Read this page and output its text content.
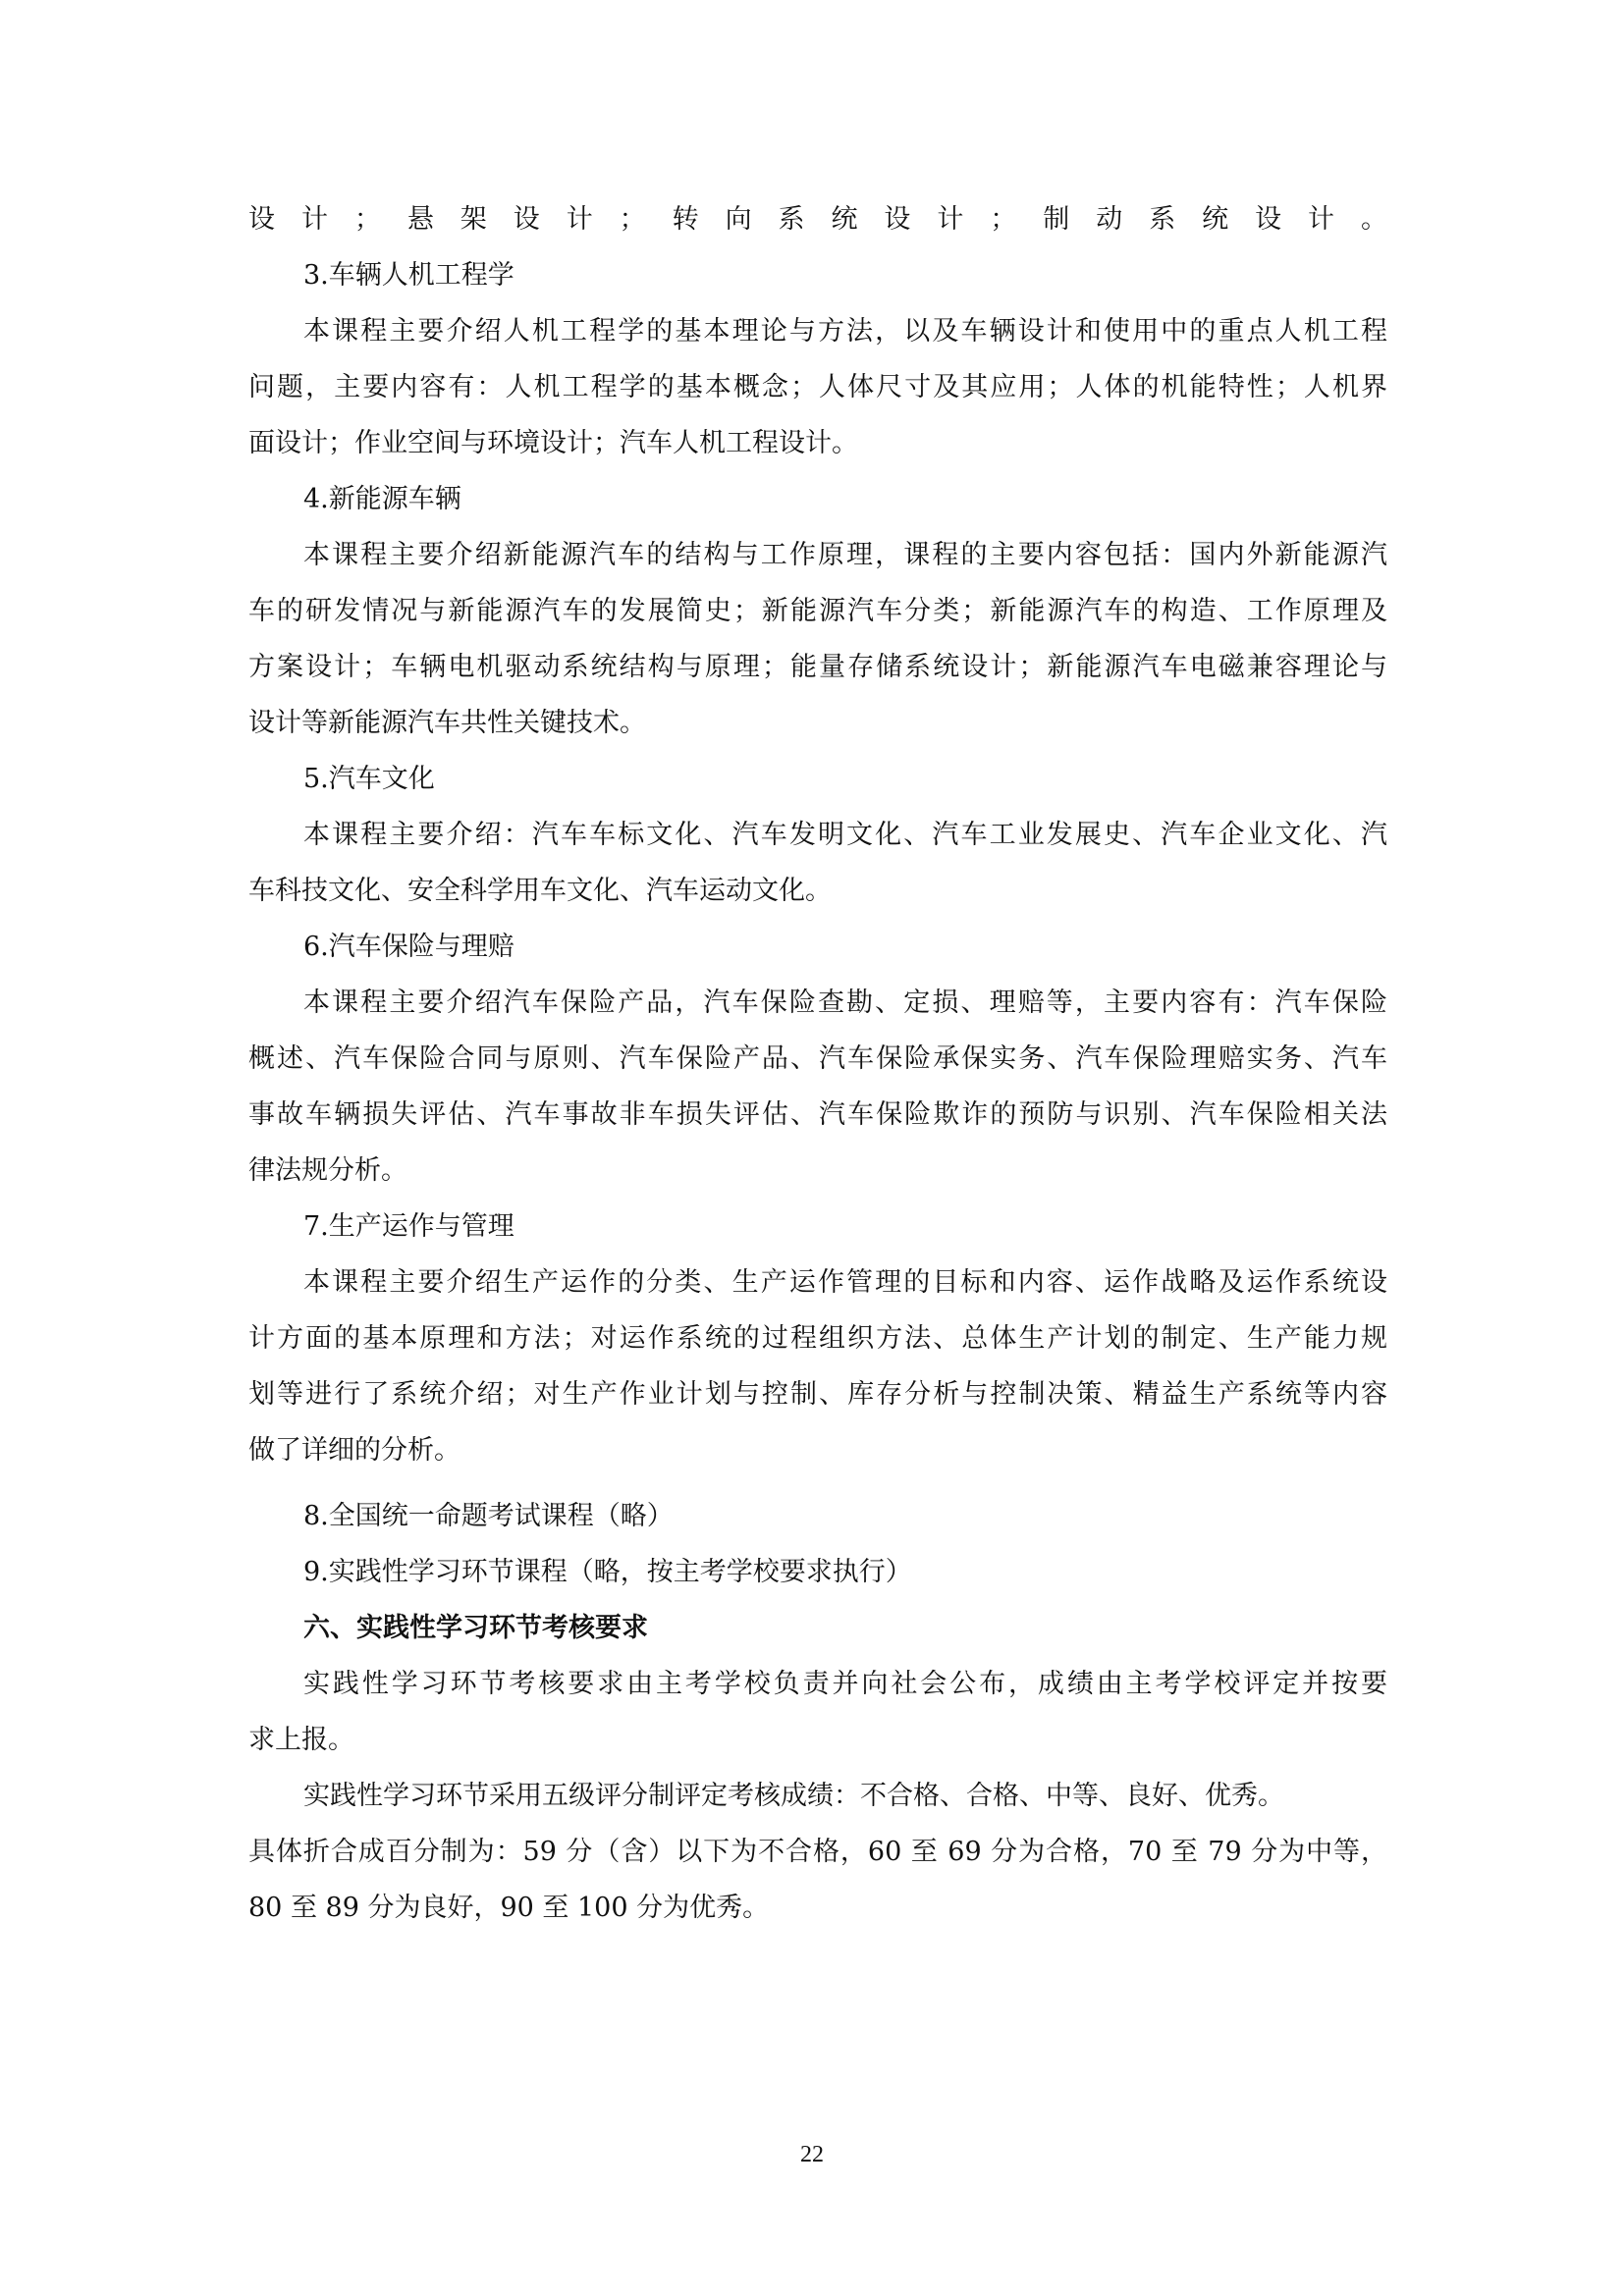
设计；悬架设计；转向系统设计；制动系统设计。

3.车辆人机工程学

本课程主要介绍人机工程学的基本理论与方法，以及车辆设计和使用中的重点人机工程

问题，主要内容有：人机工程学的基本概念；人体尺寸及其应用；人体的机能特性；人机界

面设计；作业空间与环境设计；汽车人机工程设计。

4.新能源车辆

本课程主要介绍新能源汽车的结构与工作原理，课程的主要内容包括：国内外新能源汽

车的研发情况与新能源汽车的发展简史；新能源汽车分类；新能源汽车的构造、工作原理及

方案设计；车辆电机驱动系统结构与原理；能量存储系统设计；新能源汽车电磁兼容理论与

设计等新能源汽车共性关键技术。

5.汽车文化

本课程主要介绍：汽车车标文化、汽车发明文化、汽车工业发展史、汽车企业文化、汽

车科技文化、安全科学用车文化、汽车运动文化。

6.汽车保险与理赔

本课程主要介绍汽车保险产品，汽车保险查勘、定损、理赔等，主要内容有：汽车保险

概述、汽车保险合同与原则、汽车保险产品、汽车保险承保实务、汽车保险理赔实务、汽车

事故车辆损失评估、汽车事故非车损失评估、汽车保险欺诈的预防与识别、汽车保险相关法

律法规分析。

7.生产运作与管理

本课程主要介绍生产运作的分类、生产运作管理的目标和内容、运作战略及运作系统设

计方面的基本原理和方法；对运作系统的过程组织方法、总体生产计划的制定、生产能力规

划等进行了系统介绍；对生产作业计划与控制、库存分析与控制决策、精益生产系统等内容

做了详细的分析。

8.全国统一命题考试课程（略）

9.实践性学习环节课程（略，按主考学校要求执行）

六、实践性学习环节考核要求

实践性学习环节考核要求由主考学校负责并向社会公布，成绩由主考学校评定并按要

求上报。

实践性学习环节采用五级评分制评定考核成绩：不合格、合格、中等、良好、优秀。

具体折合成百分制为：59 分（含）以下为不合格，60 至 69 分为合格，70 至 79 分为中等，

80 至 89 分为良好，90 至 100 分为优秀。

22
